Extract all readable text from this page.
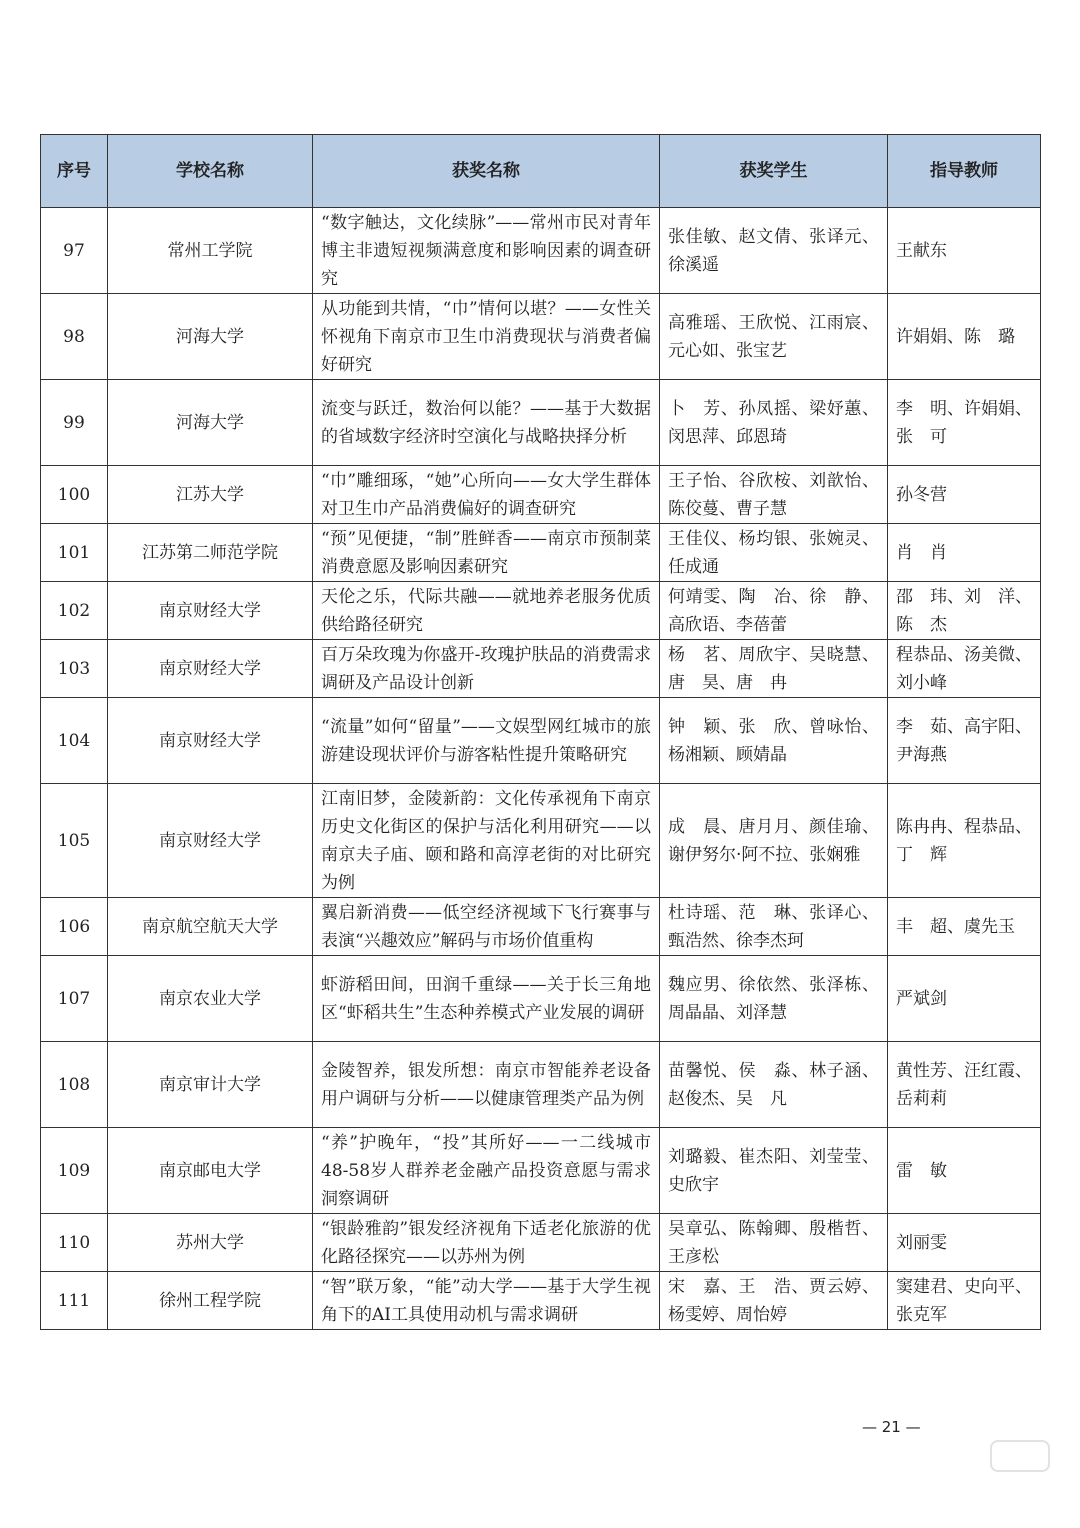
序号	学校名称	获奖名称	获奖学生	指导教师
97	常州工学院	“数字触达，文化续脉”——常州市民对青年博主非遗短视频满意度和影响因素的调查研究	张佳敏、赵文倩、张译元、徐溪遥	王献东
98	河海大学	从功能到共情，“巾”情何以堪？——女性关怀视角下南京市卫生巾消费现状与消费者偏好研究	高雅瑶、王欣悦、江雨宸、元心如、张宝艺	许娟娟、陈　璐
99	河海大学	流变与跃迁，数治何以能？——基于大数据的省域数字经济时空演化与战略抉择分析	卜　芳、孙凤摇、梁妤蕙、闵思萍、邱恩琦	李　明、许娟娟、张　可
100	江苏大学	“巾”雕细琢，“她”心所向——女大学生群体对卫生巾产品消费偏好的调查研究	王子怡、谷欣桉、刘歆怡、陈佼蔓、曹子慧	孙冬营
101	江苏第二师范学院	“预”见便捷，“制”胜鲜香——南京市预制菜消费意愿及影响因素研究	王佳仪、杨均银、张婉灵、任成通	肖　肖
102	南京财经大学	天伦之乐，代际共融——就地养老服务优质供给路径研究	何靖雯、陶　冶、徐　静、高欣语、李蓓蕾	邵　玮、刘　洋、陈　杰
103	南京财经大学	百万朵玫瑰为你盛开-玫瑰护肤品的消费需求调研及产品设计创新	杨　茗、周欣宇、吴晓慧、唐　昊、唐　冉	程恭品、汤美微、刘小峰
104	南京财经大学	“流量”如何“留量”——文娱型网红城市的旅游建设现状评价与游客粘性提升策略研究	钟　颖、张　欣、曾咏怡、杨湘颖、顾婧晶	李　茹、高宇阳、尹海燕
105	南京财经大学	江南旧梦，金陵新韵：文化传承视角下南京历史文化街区的保护与活化利用研究——以南京夫子庙、颐和路和高淳老街的对比研究为例	成　晨、唐月月、颜佳瑜、谢伊努尔·阿不拉、张娴雅	陈冉冉、程恭品、丁　辉
106	南京航空航天大学	翼启新消费——低空经济视域下飞行赛事与表演“兴趣效应”解码与市场价值重构	杜诗瑶、范　琳、张译心、甄浩然、徐李杰珂	丰　超、虞先玉
107	南京农业大学	虾游稻田间，田润千重绿——关于长三角地区“虾稻共生”生态种养模式产业发展的调研	魏应男、徐依然、张泽栋、周晶晶、刘泽慧	严斌剑
108	南京审计大学	金陵智养，银发所想：南京市智能养老设备用户调研与分析——以健康管理类产品为例	苗馨悦、侯　淼、林子涵、赵俊杰、吴　凡	黄性芳、汪红霞、岳莉莉
109	南京邮电大学	“养”护晚年，“投”其所好——一二线城市48-58岁人群养老金融产品投资意愿与需求洞察调研	刘璐毅、崔杰阳、刘莹莹、史欣宇	雷　敏
110	苏州大学	“银龄雅韵”银发经济视角下适老化旅游的优化路径探究——以苏州为例	吴章弘、陈翰卿、殷楷哲、王彦松	刘丽雯
111	徐州工程学院	“智”联万象，“能”动大学——基于大学生视角下的AI工具使用动机与需求调研	宋　嘉、王　浩、贾云婷、杨雯婷、周怡婷	窦建君、史向平、张克军
— 21 —
